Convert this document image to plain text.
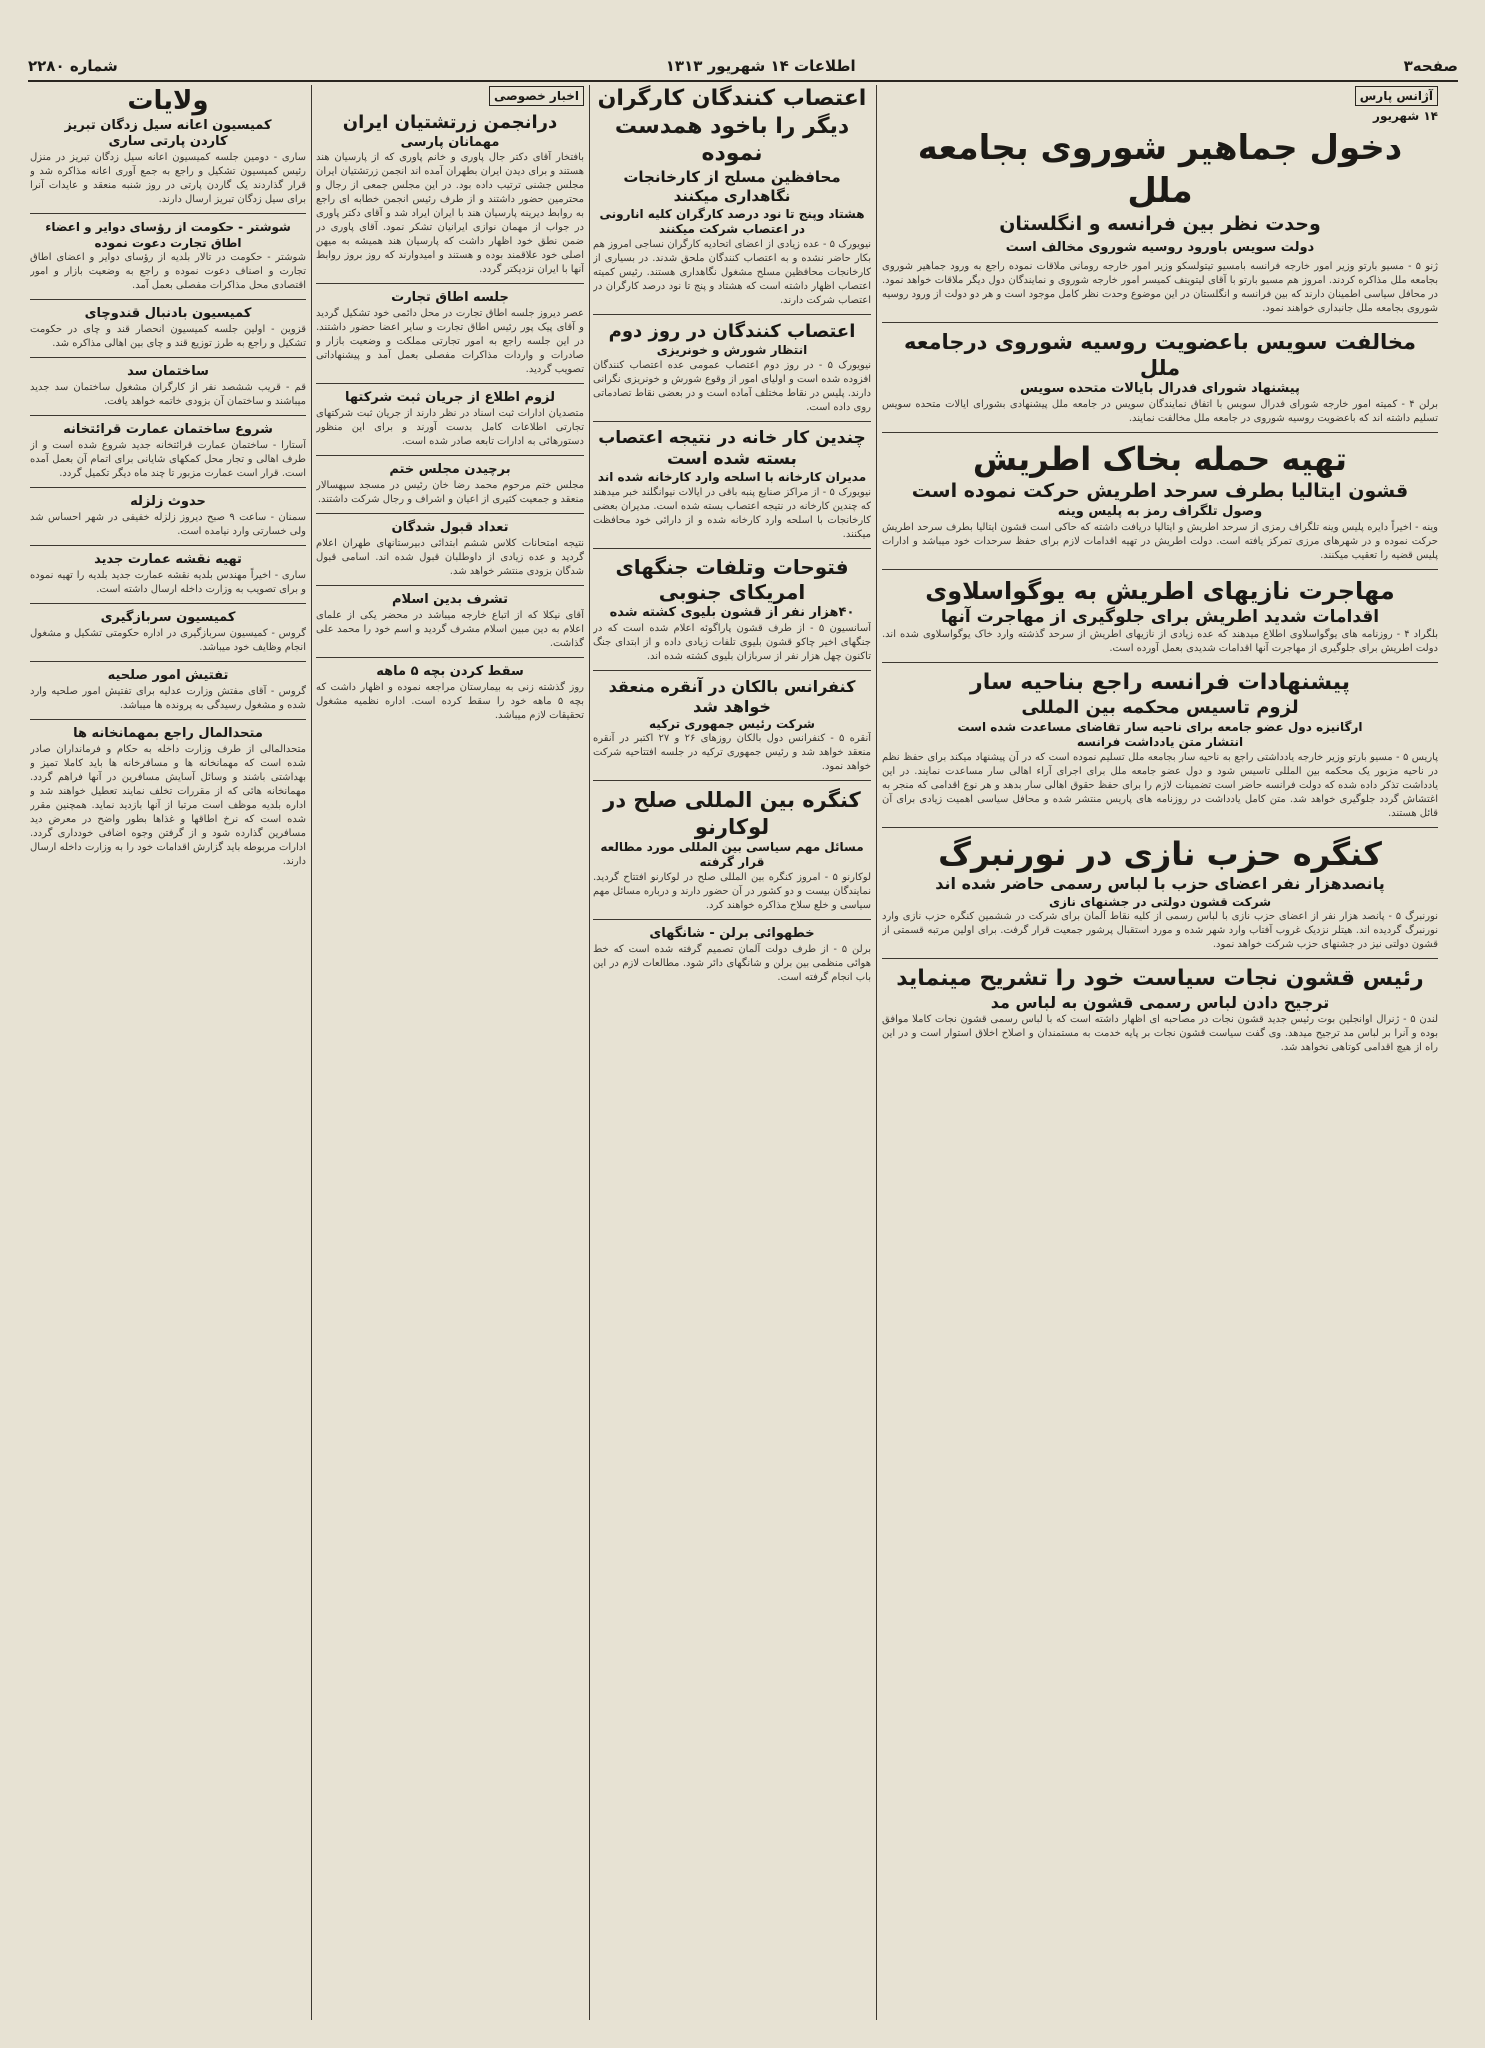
صفحه۳
اطلاعات ۱۴ شهریور ۱۳۱۳
شماره ۲۲۸۰
آژانس پارس
۱۴ شهریور

دخول جماهیر شوروی بجامعه ملل

وحدت نظر بین فرانسه و انگلستان

دولت سویس باورود روسیه شوروی مخالف است

ژنو ۵ - مسیو بارتو وزیر امور خارجه فرانسه بامسیو تیتولسکو وزیر امور خارجه رومانی ملاقات نموده راجع به ورود جماهیر شوروی بجامعه ملل مذاکره کردند. امروز هم مسیو بارتو با آقای لیتوینف کمیسر امور خارجه شوروی و نمایندگان دول دیگر ملاقات خواهد نمود. در محافل سیاسی اطمینان دارند که بین فرانسه و انگلستان در این موضوع وحدت نظر کامل موجود است و هر دو دولت از ورود روسیه شوروی بجامعه ملل جانبداری خواهند نمود.

مخالفت سویس باعضویت روسیه شوروی درجامعه ملل

پیشنهاد شورای فدرال بایالات متحده سویس

برلن ۴ - کمیته امور خارجه شورای فدرال سویس با اتفاق نمایندگان سویس در جامعه ملل پیشنهادی بشورای ایالات متحده سویس تسلیم داشته اند که باعضویت روسیه شوروی در جامعه ملل مخالفت نمایند.

تهیه حمله بخاک اطریش

قشون ایتالیا بطرف سرحد اطریش حرکت نموده است

وصول تلگراف رمز به پلیس وینه

وینه - اخیراً دایره پلیس وینه تلگراف رمزی از سرحد اطریش و ایتالیا دریافت داشته که حاکی است قشون ایتالیا بطرف سرحد اطریش حرکت نموده و در شهرهای مرزی تمرکز یافته است. دولت اطریش در تهیه اقدامات لازم برای حفظ سرحدات خود میباشد و ادارات پلیس قضیه را تعقیب میکنند.

مهاجرت نازیهای اطریش به یوگواسلاوی

اقدامات شدید اطریش برای جلوگیری از مهاجرت آنها

بلگراد ۴ - روزنامه های یوگواسلاوی اطلاع میدهند که عده زیادی از نازیهای اطریش از سرحد گذشته وارد خاک یوگواسلاوی شده اند. دولت اطریش برای جلوگیری از مهاجرت آنها اقدامات شدیدی بعمل آورده است.

پیشنهادات فرانسه راجع بناحیه سار

لزوم تاسیس محکمه بین المللی

ارگانیزه دول عضو جامعه برای ناحیه سار تقاضای مساعدت شده است

انتشار متن یادداشت فرانسه

پاریس ۵ - مسیو بارتو وزیر خارجه یادداشتی راجع به ناحیه سار بجامعه ملل تسلیم نموده است که در آن پیشنهاد میکند برای حفظ نظم در ناحیه مزبور یک محکمه بین المللی تاسیس شود و دول عضو جامعه ملل برای اجرای آراء اهالی سار مساعدت نمایند. در این یادداشت تذکر داده شده که دولت فرانسه حاضر است تضمینات لازم را برای حفظ حقوق اهالی سار بدهد و هر نوع اقدامی که منجر به اغتشاش گردد جلوگیری خواهد شد. متن کامل یادداشت در روزنامه های پاریس منتشر شده و محافل سیاسی اهمیت زیادی برای آن قائل هستند.

کنگره حزب نازی در نورنبرگ

پانصدهزار نفر اعضای حزب با لباس رسمی حاضر شده اند

شرکت قشون دولتی در جشنهای نازی

نورنبرگ ۵ - پانصد هزار نفر از اعضای حزب نازی با لباس رسمی از کلیه نقاط آلمان برای شرکت در ششمین کنگره حزب نازی وارد نورنبرگ گردیده اند. هیتلر نزدیک غروب آفتاب وارد شهر شده و مورد استقبال پرشور جمعیت قرار گرفت. برای اولین مرتبه قسمتی از قشون دولتی نیز در جشنهای حزب شرکت خواهد نمود.

رئیس قشون نجات سیاست خود را تشریح مینماید

ترجیح دادن لباس رسمی قشون به لباس مد

لندن ۵ - ژنرال اوانجلین بوت رئیس جدید قشون نجات در مصاحبه ای اظهار داشته است که با لباس رسمی قشون نجات کاملا موافق بوده و آنرا بر لباس مد ترجیح میدهد. وی گفت سیاست قشون نجات بر پایه خدمت به مستمندان و اصلاح اخلاق استوار است و در این راه از هیچ اقدامی کوتاهی نخواهد شد.

اعتصاب کنندگان کارگران دیگر را باخود همدست نموده

محافظین مسلح از کارخانجات نگاهداری میکنند

هشتاد وپنج تا نود درصد کارگران کلیه انارونی در اعتصاب شرکت میکنند

نیویورک ۵ - عده زیادی از اعضای اتحادیه کارگران نساجی امروز هم بکار حاضر نشده و به اعتصاب کنندگان ملحق شدند. در بسیاری از کارخانجات محافظین مسلح مشغول نگاهداری هستند. رئیس کمیته اعتصاب اظهار داشته است که هشتاد و پنج تا نود درصد کارگران در اعتصاب شرکت دارند.

اعتصاب کنندگان در روز دوم

انتظار شورش و خونریزی

نیویورک ۵ - در روز دوم اعتصاب عمومی عده اعتصاب کنندگان افزوده شده است و اولیای امور از وقوع شورش و خونریزی نگرانی دارند. پلیس در نقاط مختلف آماده است و در بعضی نقاط تصادماتی روی داده است.

چندین کار خانه در نتیجه اعتصاب بسته شده است

مدیران کارخانه با اسلحه وارد کارخانه شده اند

نیویورک ۵ - از مراکز صنایع پنبه باقی در ایالات نیوانگلند خبر میدهند که چندین کارخانه در نتیجه اعتصاب بسته شده است. مدیران بعضی کارخانجات با اسلحه وارد کارخانه شده و از دارائی خود محافظت میکنند.

فتوحات وتلفات جنگهای امریکای جنوبی

۴۰هزار نفر از قشون بلیوی کشته شده

آسانسیون ۵ - از طرف قشون پاراگوئه اعلام شده است که در جنگهای اخیر چاکو قشون بلیوی تلفات زیادی داده و از ابتدای جنگ تاکنون چهل هزار نفر از سربازان بلیوی کشته شده اند.

کنفرانس بالکان در آنقره منعقد خواهد شد

شرکت رئیس جمهوری ترکیه

آنقره ۵ - کنفرانس دول بالکان روزهای ۲۶ و ۲۷ اکتبر در آنقره منعقد خواهد شد و رئیس جمهوری ترکیه در جلسه افتتاحیه شرکت خواهد نمود.

کنگره بین المللی صلح در لوکارنو

مسائل مهم سیاسی بین المللی مورد مطالعه قرار گرفته

لوکارنو ۵ - امروز کنگره بین المللی صلح در لوکارنو افتتاح گردید. نمایندگان بیست و دو کشور در آن حضور دارند و درباره مسائل مهم سیاسی و خلع سلاح مذاکره خواهند کرد.

خطهوائی برلن - شانگهای

برلن ۵ - از طرف دولت آلمان تصمیم گرفته شده است که خط هوائی منظمی بین برلن و شانگهای دائر شود. مطالعات لازم در این باب انجام گرفته است.

اخبار خصوصی

درانجمن زرتشتیان ایران

مهمانان پارسی

بافتخار آقای دکتر جال پاوری و خانم پاوری که از پارسیان هند هستند و برای دیدن ایران بطهران آمده اند انجمن زرتشتیان ایران مجلس جشنی ترتیب داده بود. در این مجلس جمعی از رجال و محترمین حضور داشتند و از طرف رئیس انجمن خطابه ای راجع به روابط دیرینه پارسیان هند با ایران ایراد شد و آقای دکتر پاوری در جواب از مهمان نوازی ایرانیان تشکر نمود. آقای پاوری در ضمن نطق خود اظهار داشت که پارسیان هند همیشه به میهن اصلی خود علاقمند بوده و هستند و امیدوارند که روز بروز روابط آنها با ایران نزدیکتر گردد.

جلسه اطاق تجارت

عصر دیروز جلسه اطاق تجارت در محل دائمی خود تشکیل گردید و آقای پیک پور رئیس اطاق تجارت و سایر اعضا حضور داشتند. در این جلسه راجع به امور تجارتی مملکت و وضعیت بازار و صادرات و واردات مذاکرات مفصلی بعمل آمد و پیشنهاداتی تصویب گردید.

لزوم اطلاع از جریان ثبت شرکتها

متصدیان ادارات ثبت اسناد در نظر دارند از جریان ثبت شرکتهای تجارتی اطلاعات کامل بدست آورند و برای این منظور دستورهائی به ادارات تابعه صادر شده است.

برچیدن مجلس ختم

مجلس ختم مرحوم محمد رضا خان رئیس در مسجد سپهسالار منعقد و جمعیت کثیری از اعیان و اشراف و رجال شرکت داشتند.

تعداد قبول شدگان

نتیجه امتحانات کلاس ششم ابتدائی دبیرستانهای طهران اعلام گردید و عده زیادی از داوطلبان قبول شده اند. اسامی قبول شدگان بزودی منتشر خواهد شد.

تشرف بدین اسلام

آقای نیکلا که از اتباع خارجه میباشد در محضر یکی از علمای اعلام به دین مبین اسلام مشرف گردید و اسم خود را محمد علی گذاشت.

سقط کردن بچه ۵ ماهه

روز گذشته زنی به بیمارستان مراجعه نموده و اظهار داشت که بچه ۵ ماهه خود را سقط کرده است. اداره نظمیه مشغول تحقیقات لازم میباشد.

ولایات

کمیسیون اعانه سیل زدگان تبریز

کاردن پارتی ساری

ساری - دومین جلسه کمیسیون اعانه سیل زدگان تبریز در منزل رئیس کمیسیون تشکیل و راجع به جمع آوری اعانه مذاکره شد و قرار گذاردند یک گاردن پارتی در روز شنبه منعقد و عایدات آنرا برای سیل زدگان تبریز ارسال دارند.

شوشتر - حکومت از رؤسای دوایر و اعضاء اطاق تجارت دعوت نموده

شوشتر - حکومت در تالار بلدیه از رؤسای دوایر و اعضای اطاق تجارت و اصناف دعوت نموده و راجع به وضعیت بازار و امور اقتصادی محل مذاکرات مفصلی بعمل آمد.

کمیسیون بادنبال قندوچای

قزوین - اولین جلسه کمیسیون انحصار قند و چای در حکومت تشکیل و راجع به طرز توزیع قند و چای بین اهالی مذاکره شد.

ساختمان سد

قم - قریب ششصد نفر از کارگران مشغول ساختمان سد جدید میباشند و ساختمان آن بزودی خاتمه خواهد یافت.

شروع ساختمان عمارت قرائتخانه

آستارا - ساختمان عمارت قرائتخانه جدید شروع شده است و از طرف اهالی و تجار محل کمکهای شایانی برای اتمام آن بعمل آمده است. قرار است عمارت مزبور تا چند ماه دیگر تکمیل گردد.

حدوث زلزله

سمنان - ساعت ۹ صبح دیروز زلزله خفیفی در شهر احساس شد ولی خسارتی وارد نیامده است.

تهیه نقشه عمارت جدید

ساری - اخیراً مهندس بلدیه نقشه عمارت جدید بلدیه را تهیه نموده و برای تصویب به وزارت داخله ارسال داشته است.

کمیسیون سربازگیری

گروس - کمیسیون سربازگیری در اداره حکومتی تشکیل و مشغول انجام وظایف خود میباشد.

تفتیش امور صلحیه

گروس - آقای مفتش وزارت عدلیه برای تفتیش امور صلحیه وارد شده و مشغول رسیدگی به پرونده ها میباشد.

متحدالمال راجع بمهمانخانه ها

متحدالمالی از طرف وزارت داخله به حکام و فرمانداران صادر شده است که مهمانخانه ها و مسافرخانه ها باید کاملا تمیز و بهداشتی باشند و وسائل آسایش مسافرین در آنها فراهم گردد. مهمانخانه هائی که از مقررات تخلف نمایند تعطیل خواهند شد و اداره بلدیه موظف است مرتبا از آنها بازدید نماید. همچنین مقرر شده است که نرخ اطاقها و غذاها بطور واضح در معرض دید مسافرین گذارده شود و از گرفتن وجوه اضافی خودداری گردد. ادارات مربوطه باید گزارش اقدامات خود را به وزارت داخله ارسال دارند.
